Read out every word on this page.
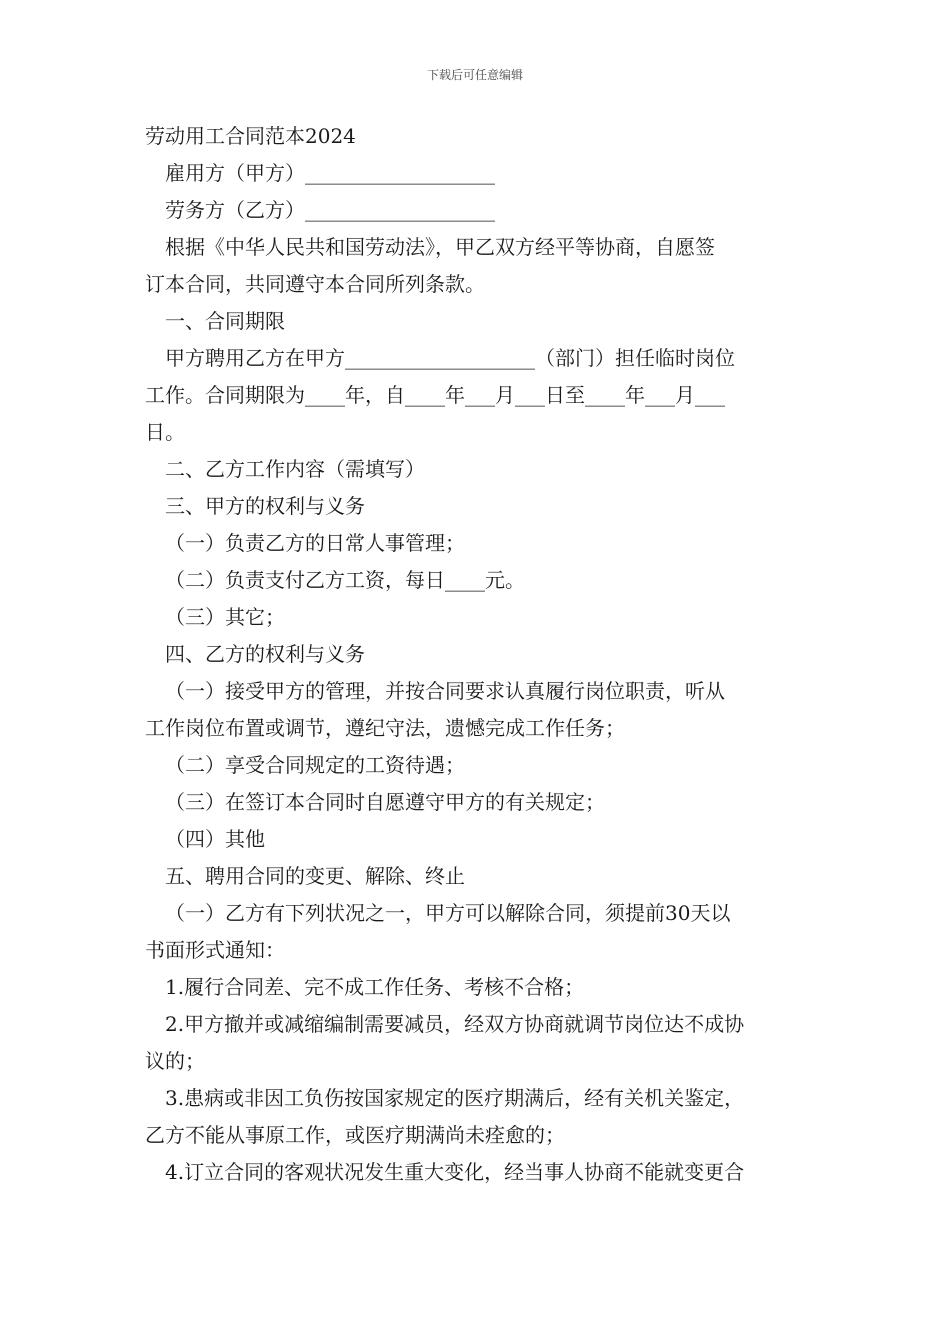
下载后可任意编辑

劳动用工合同范本2024

雇用方（甲方）___________________

劳务方（乙方）___________________

根据《中华人民共和国劳动法》，甲乙双方经平等协商，自愿签

订本合同，共同遵守本合同所列条款。

一、合同期限

甲方聘用乙方在甲方___________________（部门）担任临时岗位

工作。合同期限为____年，自____年___月___日至____年___月___

日。

二、乙方工作内容（需填写）

三、甲方的权利与义务

（一）负责乙方的日常人事管理；

（二）负责支付乙方工资，每日____元。

（三）其它；

四、乙方的权利与义务

（一）接受甲方的管理，并按合同要求认真履行岗位职责，听从

工作岗位布置或调节，遵纪守法，遗憾完成工作任务；

（二）享受合同规定的工资待遇；

（三）在签订本合同时自愿遵守甲方的有关规定；

（四）其他

五、聘用合同的变更、解除、终止

（一）乙方有下列状况之一，甲方可以解除合同，须提前30天以

书面形式通知：

1.履行合同差、完不成工作任务、考核不合格；

2.甲方撤并或减缩编制需要减员，经双方协商就调节岗位达不成协

议的；

3.患病或非因工负伤按国家规定的医疗期满后，经有关机关鉴定，

乙方不能从事原工作，或医疗期满尚未痊愈的；

4.订立合同的客观状况发生重大变化，经当事人协商不能就变更合
